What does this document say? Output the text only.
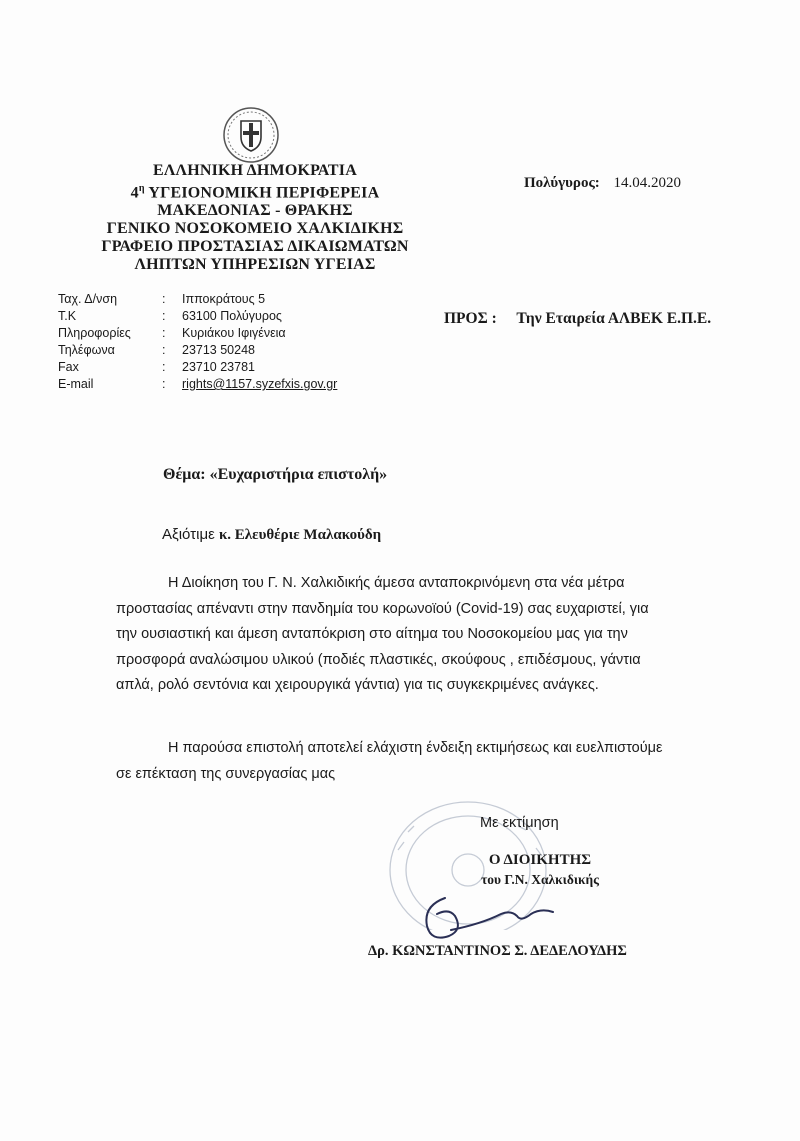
ΕΛΛΗΝΙΚΗ ΔΗΜΟΚΡΑΤΙΑ
$4^\eta$ ΥΓΕΙΟΝΟΜΙΚΗ ΠΕΡΙΦΕΡΕΙΑ
ΜΑΚΕΔΟΝΙΑΣ - ΘΡΑΚΗΣ
ΓΕΝΙΚΟ ΝΟΣΟΚΟΜΕΙΟ ΧΑΛΚΙΔΙΚΗΣ
ΓΡΑΦΕΙΟ ΠΡΟΣΤΑΣΙΑΣ ΔΙΚΑΙΩΜΑΤΩΝ
ΛΗΠΤΩΝ ΥΠΗΡΕΣΙΩΝ ΥΓΕΙΑΣ
Πολύγυρος: 14.04.2020
Ταχ. Δ/νση	: Ιπποκράτους 5
Τ.Κ	: 63100 Πολύγυρος
Πληροφορίες : Κυριάκου Ιφιγένεια
Τηλέφωνα	: 23713 50248
Fax	: 23710 23781
E-mail	: rights@1157.syzefxis.gov.gr
ΠΡΟΣ : Την Εταιρεία ΑΛΒΕΚ Ε.Π.Ε.
Θέμα: «Ευχαριστήρια επιστολή»
Αξιότιμε κ. Ελευθέριε Μαλακούδη
Η Διοίκηση του Γ. Ν. Χαλκιδικής άμεσα ανταποκρινόμενη στα νέα μέτρα
προστασίας απέναντι στην πανδημία του κορωνοϊού (Covid-19) σας ευχαριστεί, για
την ουσιαστική και άμεση ανταπόκριση στο αίτημα του Νοσοκομείου μας για την
προσφορά αναλώσιμου υλικού (ποδιές πλαστικές, σκούφους , επιδέσμους, γάντια
απλά, ρολό σεντόνια και χειρουργικά γάντια) για τις συγκεκριμένες ανάγκες.
Η παρούσα επιστολή αποτελεί ελάχιστη ένδειξη εκτιμήσεως και ευελπιστούμε
σε επέκταση της συνεργασίας μας
Με εκτίμηση
Ο ΔΙΟΙΚΗΤΗΣ
του Γ.Ν. Χαλκιδικής
Δρ. ΚΩΝΣΤΑΝΤΙΝΟΣ Σ. ΔΕΔΕΛΟΥΔΗΣ
